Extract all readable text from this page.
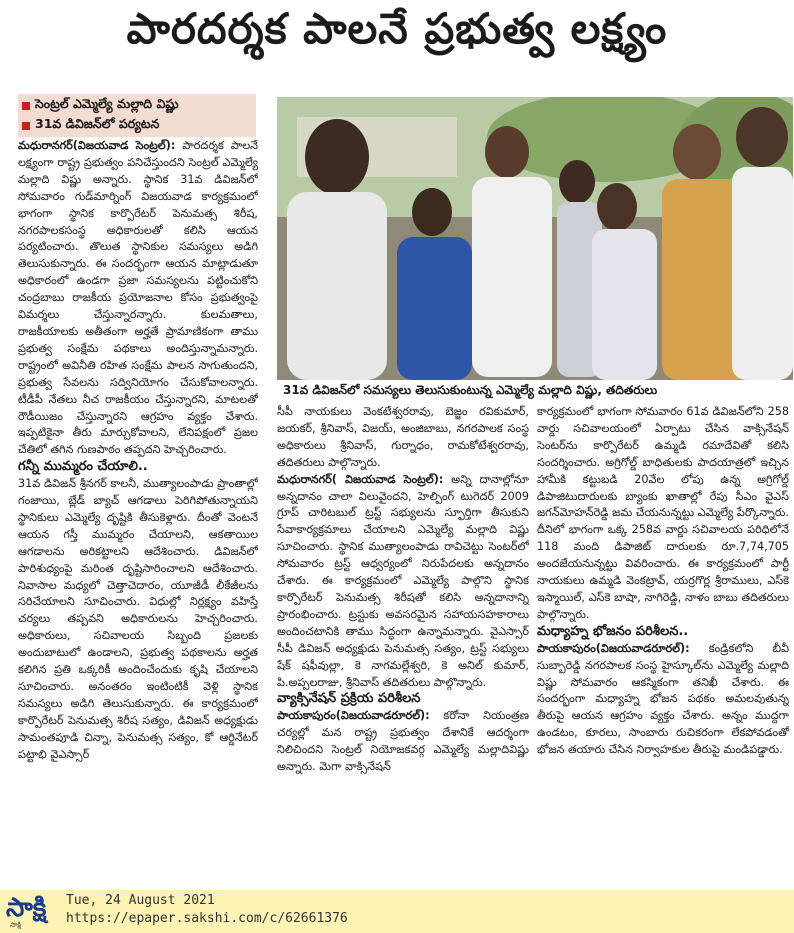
పారదర్శక పాలనే ప్రభుత్వ లక్ష్యం
సెంట్రల్ ఎమ్మెల్యే మల్లాది విష్ణు
31వ డివిజన్‌లో పర్యటన

మధురానగర్(విజయవాడ సెంట్రల్): పారదర్శక పాలనే లక్ష్యంగా రాష్ట్ర ప్రభుత్వం పనిచేస్తుందని సెంట్రల్ ఎమ్మెల్యే మల్లాది విష్ణు అన్నారు. స్థానిక 31వ డివిజన్‌లో సోమవారం గుడ్‌మార్నింగ్ విజయవాడ కార్యక్రమంలో భాగంగా స్థానిక కార్పొరేటర్ పెనుమత్స శిరీష, నగరపాలకసంస్థ అధికారులతో కలిసి ఆయన పర్యటించారు. తొలుత స్థానికుల సమస్యలు అడిగి తెలుసుకున్నారు. ఈ సందర్భంగా ఆయన మాట్లాడుతూ అధికారంలో ఉండగా ప్రజా సమస్యలను పట్టించుకోని చంద్రబాబు రాజకీయ ప్రయోజనాల కోసం ప్రభుత్వంపై విమర్శలు చేస్తున్నారన్నారు. కులమతాలు, రాజకీయాలకు అతీతంగా అర్హతే ప్రామాణికంగా తాము ప్రభుత్వ సంక్షేమ పథకాలు అందిస్తున్నామన్నారు. రాష్ట్రంలో అవినీతి రహిత సంక్షేమ పాలన సాగుతుందని, ప్రభుత్వ సేవలను సద్వినియోగం చేసుకోవాలన్నారు. టీడీపీ నేతలు నీచ రాజకీయం చేస్తున్నారని, మాటలతో రౌడీయిజం చేస్తున్నారని ఆగ్రహం వ్యక్తం చేశారు. ఇప్పటికైనా తీరు మార్చుకోవాలని, లేనిపక్షంలో ప్రజల చేతిలో తగిన గుణపాఠం తప్పదని హెచ్చరించారు.

గన్నీ ముమ్మరం చేయాలి..

31వ డివిజన్ శ్రీనగర్ కాలనీ, ముత్యాలంపాడు ప్రాంతాల్లో గంజాయి, బ్లేడ్ బ్యాచ్ ఆగడాలు పెరిగిపోతున్నాయని స్థానికులు ఎమ్మెల్యే దృష్టికి తీసుకెళ్లారు. దీంతో వెంటనే ఆయన గస్తీ ముమ్మరం చేయాలని, ఆకతాయిల ఆగడాలను అరికట్టాలని ఆదేశించారు. డివిజన్‌లో పారిశుధ్యంపై మరింత దృష్టిసారించాలని ఆదేశించారు. నివాసాల మధ్యలో చెత్తాచెదారం, యూజీడీ లీకేజీలను సరిచేయాలని సూచించారు. విధుల్లో నిర్లక్ష్యం వహిస్తే చర్యలు తప్పవని అధికారులను హెచ్చరించారు. అధికారులు, సచివాలయ సిబ్బంది ప్రజలకు అందుబాటులో ఉండాలని, ప్రభుత్వ పథకాలను అర్హత కలిగిన ప్రతి ఒక్కరికీ అందించేందుకు కృషి చేయాలని సూచించారు. అనంతరం ఇంటింటికీ వెళ్లి స్థానిక సమస్యలు అడిగి తెలుసుకున్నారు. ఈ కార్యక్రమంలో కార్పొరేటర్ పెనుమత్స శిరీష సత్యం, డివిజన్ అధ్యక్షుడు సామంతపూడి చిన్నా, పెనుమత్స సత్యం, కో ఆర్డినేటర్ పట్టాభి వైఎస్సార్

31వ డివిజన్‌లో సమస్యలు తెలుసుకుంటున్న ఎమ్మెల్యే మల్లాది విష్ణు, తదితరులు

సీపీ నాయకులు వెంకటేశ్వరరావు, బెజ్జం రవికుమార్, జయకర్, శ్రీనివాస్, విజయ్, అంజిబాబు, నగరపాలక సంస్థ అధికారులు శ్రీనివాస్, గుర్నాధం, రామకోటేశ్వరరావు, తదితరులు పాల్గొన్నారు.

మధురానగర్( విజయవాడ సెంట్రల్): అన్ని దానాల్లోనూ అన్నదానం చాలా విలువైందని, హెల్పింగ్ టుగెదర్ 2009 గ్రూప్ చారిటబుల్ ట్రస్ట్ సభ్యులను స్ఫూర్తిగా తీసుకుని సేవాకార్యక్రమాలు చేయాలని ఎమ్మెల్యే మల్లాది విష్ణు సూచించారు. స్థానిక ముత్యాలంపాడు రావిచెట్టు సెంటర్‌లో సోమవారం ట్రస్ట్ ఆధ్వర్యంలో నిరుపేదలకు అన్నదానం చేశారు. ఈ కార్యక్రమంలో ఎమ్మెల్యే పాల్గొని స్థానిక కార్పొరేటర్ పెనుమత్స శిరీషతో కలిసి అన్నదానాన్ని ప్రారంభించారు. ట్రస్టుకు అవసరమైన సహాయసహకారాలు అందించటానికి తాము సిద్ధంగా ఉన్నామన్నారు. వైఎస్సార్ సీపీ డివిజన్ అధ్యక్షుడు పెనుమత్స సత్యం, ట్రస్ట్ సభ్యులు షేక్ షఫీవుల్లా, కె నాగమల్లేశ్వరి, కె అనిల్ కుమార్, పి.అప్పలరాజు, శ్రీనివాస్ తదితరులు పాల్గొన్నారు.

వ్యాక్సినేషన్ ప్రక్రియ పరిశీలన

పాయకాపురం(విజయవాడరూరల్): కరోనా నియంత్రణ చర్యల్లో మన రాష్ట్ర ప్రభుత్వం దేశానికే ఆదర్శంగా నిలిచిందని సెంట్రల్ నియోజకవర్గ ఎమ్మెల్యే మల్లాదివిష్ణు అన్నారు. మెగా వాక్సినేషన్

కార్యక్రమంలో భాగంగా సోమవారం 61వ డివిజన్‌లోని 258 వార్డు సచివాలయంలో ఏర్పాటు చేసిన వాక్సినేషన్ సెంటర్‌ను కార్పొరేటర్ ఉమ్మడి రమాదేవితో కలిసి సందర్శించారు. అగ్రిగోల్డ్ బాధితులకు పాదయాత్రలో ఇచ్చిన హామీకి కట్టుబడి 20వేల లోపు ఉన్న అగ్రిగోల్డ్ డిపాజిటుదారులకు బ్యాంకు ఖాతాల్లో రేపు సీఎం వైఎస్ జగన్‌మోహన్‌రెడ్డి జమ చేయనున్నట్టు ఎమ్మెల్యే పేర్కొన్నారు. దీనిలో భాగంగా ఒక్క 258వ వార్డు సచివాలయ పరిధిలోనే 118 మంది డిపాజిట్ దారులకు రూ.7,74,705 అందజేయనున్నట్టు వివరించారు. ఈ కార్యక్రమంలో పార్టీ నాయకులు ఉమ్మడి వెంకట్రావ్, యర్రగొర్ల శ్రీరాములు, ఎస్‌కె ఇస్మాయిల్, ఎస్‌కె బాషా, నాగిరెడ్డి, నాళం బాబు తదితరులు పాల్గొన్నారు.

మధ్యాహ్న భోజనం పరిశీలన..

పాయకాపురం(విజయవాడరూరల్): కండ్రికలోని బీవీ సుబ్బారెడ్డి నగరపాలక సంస్థ హైస్కూల్‌ను ఎమ్మెల్యే మల్లాది విష్ణు సోమవారం ఆకస్మికంగా తనిఖీ చేశారు. ఈ సందర్భంగా మధ్యాహ్న భోజన పథకం అమలవుతున్న తీరుపై ఆయన ఆగ్రహం వ్యక్తం చేశారు. అన్నం ముద్దగా ఉండటం, కూరలు, సాంబారు రుచికరంగా లేకపోవడంతో భోజన తయారు చేసిన నిర్వాహకుల తీరుపై మండిపడ్డారు.

సాక్షి
సాక్షి
Tue, 24 August 2021
https://epaper.sakshi.com/c/62661376
